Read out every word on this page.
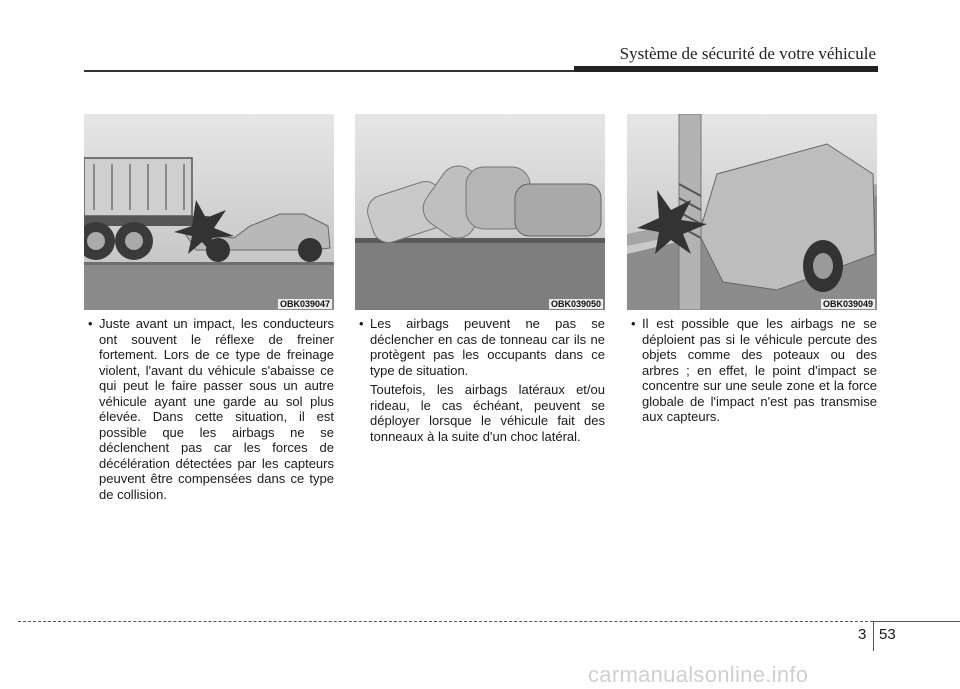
Système de sécurité de votre véhicule
OBK039047
• Juste avant un impact, les conducteurs ont souvent le réflexe de freiner fortement. Lors de ce type de freinage violent, l'avant du véhicule s'abaisse ce qui peut le faire passer sous un autre véhicule ayant une garde au sol plus élevée. Dans cette situation, il est possible que les airbags ne se déclenchent pas car les forces de décélération détectées par les capteurs peuvent être compensées dans ce type de collision.
OBK039050
• Les airbags peuvent ne pas se déclencher en cas de tonneau car ils ne protègent pas les occupants dans ce type de situation.
Toutefois, les airbags latéraux et/ou rideau, le cas échéant, peuvent se déployer lorsque le véhicule fait des tonneaux à la suite d'un choc latéral.
OBK039049
• Il est possible que les airbags ne se déploient pas si le véhicule percute des objets comme des poteaux ou des arbres ; en effet, le point d'impact se concentre sur une seule zone et la force globale de l'impact n'est pas transmise aux capteurs.
3 53
carmanualsonline.info
